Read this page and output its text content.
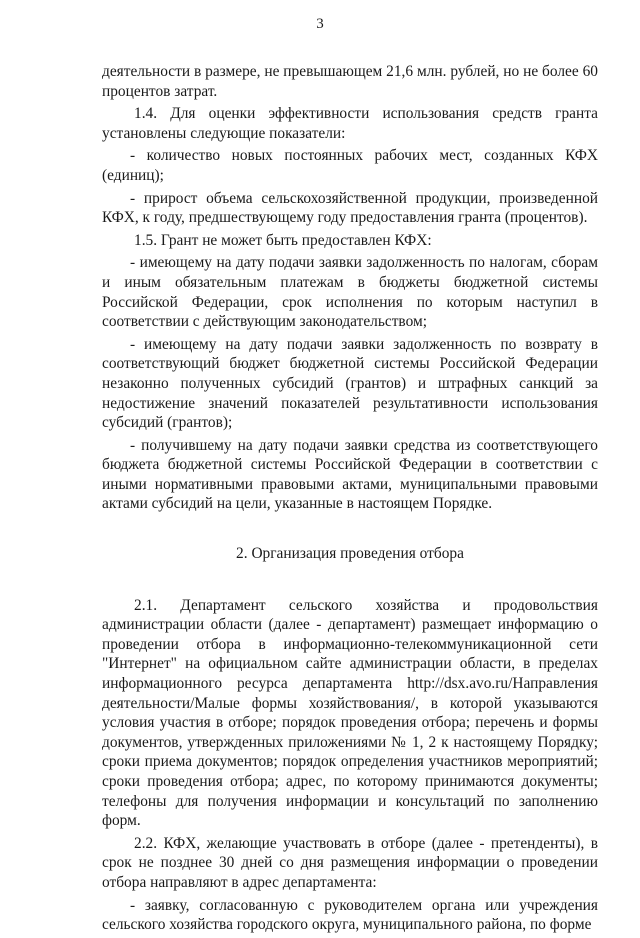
3

деятельности в размере, не превышающем 21,6 млн. рублей, но не более 60 процентов затрат.

1.4. Для оценки эффективности использования средств гранта установлены следующие показатели:

- количество новых постоянных рабочих мест, созданных КФХ (единиц);

- прирост объема сельскохозяйственной продукции, произведенной КФХ, к году, предшествующему году предоставления гранта (процентов).

1.5. Грант не может быть предоставлен КФХ:

- имеющему на дату подачи заявки задолженность по налогам, сборам и иным обязательным платежам в бюджеты бюджетной системы Российской Федерации, срок исполнения по которым наступил в соответствии с действующим законодательством;

- имеющему на дату подачи заявки задолженность по возврату в соответствующий бюджет бюджетной системы Российской Федерации незаконно полученных субсидий (грантов) и штрафных санкций за недостижение значений показателей результативности использования субсидий (грантов);

- получившему на дату подачи заявки средства из соответствующего бюджета бюджетной системы Российской Федерации в соответствии с иными нормативными правовыми актами, муниципальными правовыми актами субсидий на цели, указанные в настоящем Порядке.

2. Организация проведения отбора

2.1. Департамент сельского хозяйства и продовольствия администрации области (далее - департамент) размещает информацию о проведении отбора в информационно-телекоммуникационной сети "Интернет" на официальном сайте администрации области, в пределах информационного ресурса департамента http://dsx.avo.ru/Направления деятельности/Малые формы хозяйствования/, в которой указываются условия участия в отборе; порядок проведения отбора; перечень и формы документов, утвержденных приложениями № 1, 2 к настоящему Порядку; сроки приема документов; порядок определения участников мероприятий; сроки проведения отбора; адрес, по которому принимаются документы; телефоны для получения информации и консультаций по заполнению форм.

2.2. КФХ, желающие участвовать в отборе (далее - претенденты), в срок не позднее 30 дней со дня размещения информации о проведении отбора направляют в адрес департамента:

- заявку, согласованную с руководителем органа или учреждения сельского хозяйства городского округа, муниципального района, по форме
